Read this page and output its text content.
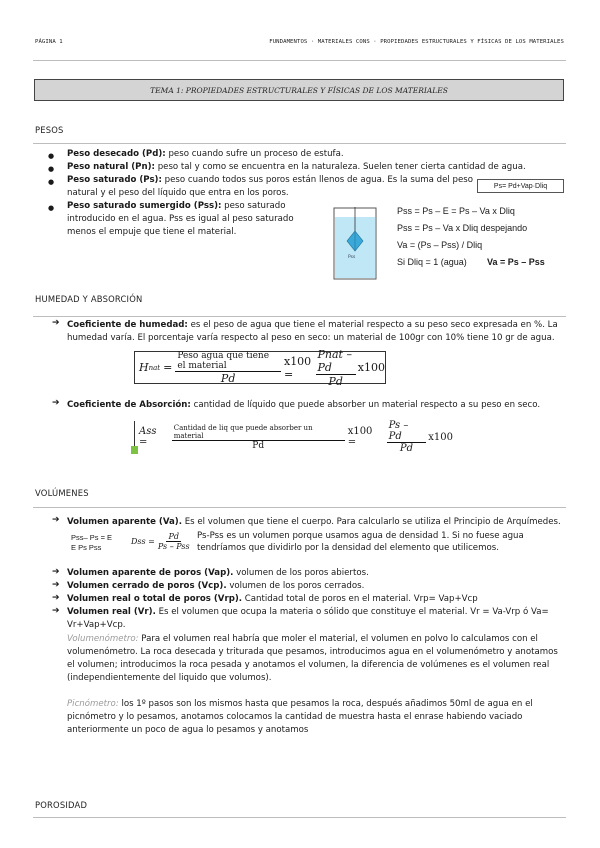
PÁGINA 1	FUNDAMENTOS · MATERIALES CONS · PROPIEDADES ESTRUCTURALES Y FÍSICAS DE LOS MATERIALES
TEMA 1: PROPIEDADES ESTRUCTURALES Y FÍSICAS DE LOS MATERIALES
PESOS
● Peso desecado (Pd): peso cuando sufre un proceso de estufa.
● Peso natural (Pn): peso tal y como se encuentra en la naturaleza. Suelen tener cierta cantidad de agua.
● Peso saturado (Ps): peso cuando todos sus poros están llenos de agua. Es la suma del peso
natural y el peso del líquido que entra en los poros.
Ps= Pd+Vap·Dliq
● Peso saturado sumergido (Pss): peso saturado
introducido en el agua. Pss es igual al peso saturado
menos el empuje que tiene el material.
Pss
Pss = Ps – E = Ps – Va x Dliq
Pss = Ps – Va x Dliq despejando
Va = (Ps – Pss) / Dliq
Si Dliq = 1 (agua) Va = Ps – Pss
HUMEDAD Y ABSORCIÓN
➔ Coeficiente de humedad: es el peso de agua que tiene el material respecto a su peso seco expresada en %. La
humedad varía. El porcentaje varía respecto al peso en seco: un material de 100gr con 10% tiene 10 gr de agua.
H nat = $\frac{\text{Peso agua que tiene el material}}{Pd} x100$ =	$\frac{\text{Pnat – Pd}}{Pd} x100$
➔ Coeficiente de Absorción: cantidad de líquido que puede absorber un material respecto a su peso en seco.
Ass =	$\frac{\text{Cantidad de liq que puede absorber un material}}{Pd} x100$ =	$\frac{Ps - Pd}{Pd} x100$
VOLÚMENES
➔ Volumen aparente (Va). Es el volumen que tiene el cuerpo. Para calcularlo se utiliza el Principio de Arquímedes.
Pss– Ps = E
E Ps Pss
Dss = $\frac{Pd}{\text{Ps – Pss}} Ps-Pss$ es un volumen porque usamos agua de densidad 1. Si no fuese agua
tendríamos que dividirlo por la densidad del elemento que utilicemos.
➔ Volumen aparente de poros (Vap). volumen de los poros abiertos.
➔ Volumen cerrado de poros (Vcp). volumen de los poros cerrados.
➔ Volumen real o total de poros (Vrp). Cantidad total de poros en el material. Vrp= Vap+Vcp
➔ Volumen real (Vr). Es el volumen que ocupa la materia o sólido que constituye el material. Vr = Va-Vrp ó Va=
Vr+Vap+Vcp.
Volumenómetro: Para el volumen real habría que moler el material, el volumen en polvo lo calculamos con el
volumenómetro. La roca desecada y triturada que pesamos, introducimos agua en el volumenómetro y anotamos
el volumen; introducimos la roca pesada y anotamos el volumen, la diferencia de volúmenes es el volumen real
(independientemente del liquido que volumos).
Picnómetro: los 1º pasos son los mismos hasta que pesamos la roca, después añadimos 50ml de agua en el
picnómetro y lo pesamos, anotamos colocamos la cantidad de muestra hasta el enrase habiendo vaciado
anteriormente un poco de agua lo pesamos y anotamos
POROSIDAD
